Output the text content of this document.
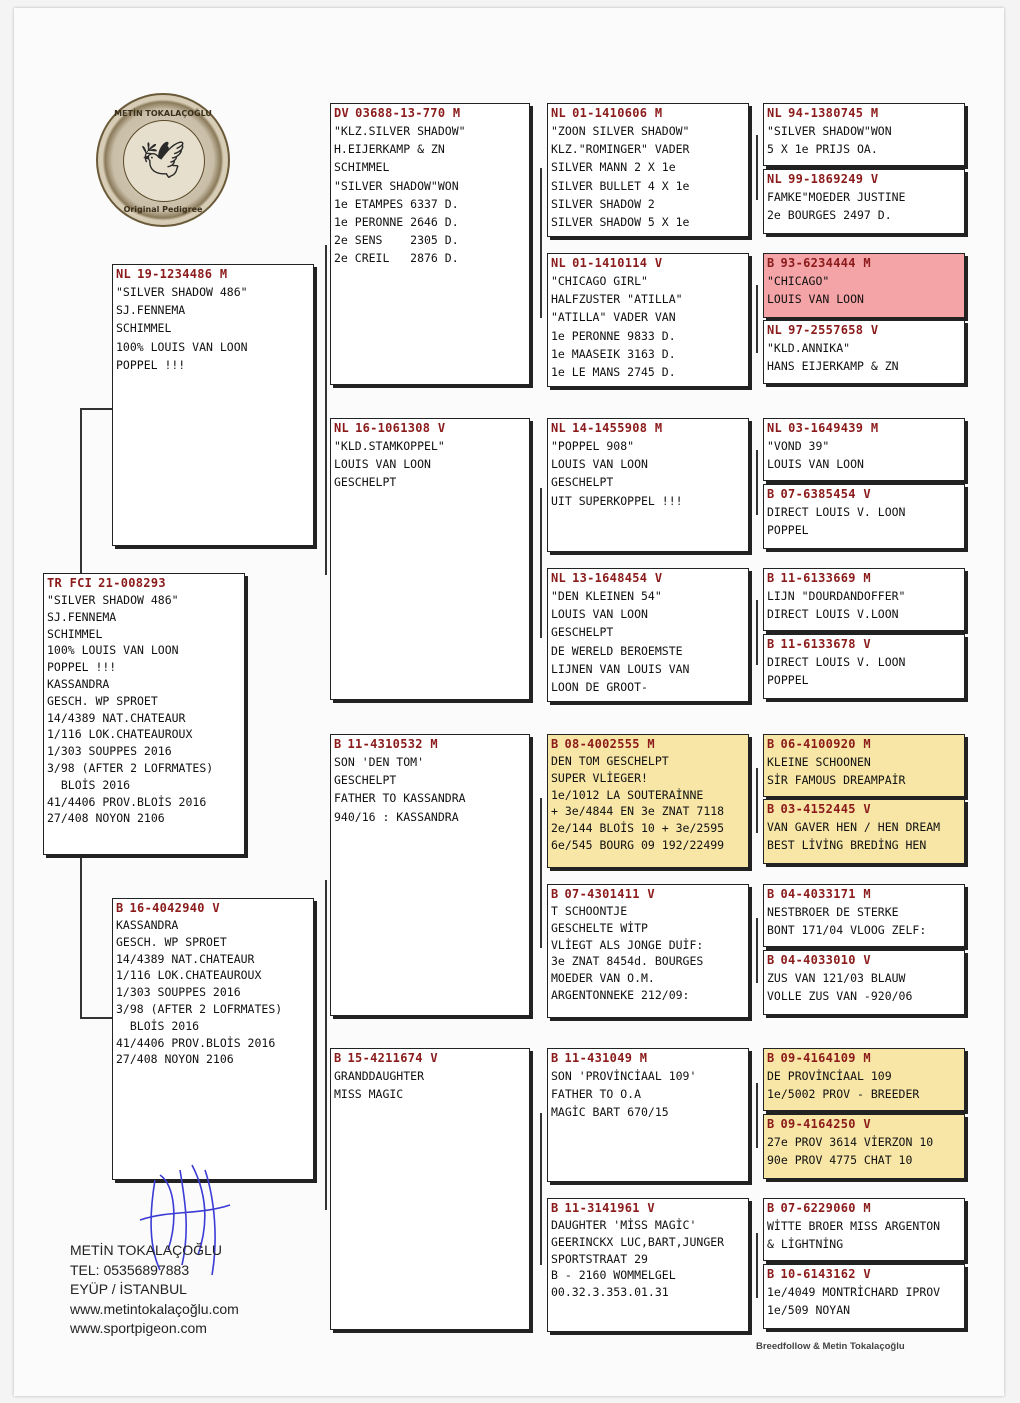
METİN TOKALAÇOĞLU
🕊
Original Pedigree
TR FCI 21-008293
"SILVER SHADOW 486"
SJ.FENNEMA
SCHIMMEL
100% LOUIS VAN LOON
POPPEL !!!
KASSANDRA
GESCH. WP SPROET
14/4389 NAT.CHATEAUR
1/116 LOK.CHATEAUROUX
1/303 SOUPPES 2016
3/98 (AFTER 2 LOFRMATES)
BLOİS 2016
41/4406 PROV.BLOİS 2016
27/408 NOYON 2106
NL 19-1234486 M
"SILVER SHADOW 486"
SJ.FENNEMA
SCHIMMEL
100% LOUIS VAN LOON
POPPEL !!!
B 16-4042940 V
KASSANDRA
GESCH. WP SPROET
14/4389 NAT.CHATEAUR
1/116 LOK.CHATEAUROUX
1/303 SOUPPES 2016
3/98 (AFTER 2 LOFRMATES)
BLOİS 2016
41/4406 PROV.BLOİS 2016
27/408 NOYON 2106
DV 03688-13-770 M
"KLZ.SILVER SHADOW"
H.EIJERKAMP & ZN
SCHIMMEL
"SILVER SHADOW"WON
1e ETAMPES 6337 D.
1e PERONNE 2646 D.
2e SENS    2305 D.
2e CREIL   2876 D.
NL 16-1061308 V
"KLD.STAMKOPPEL"
LOUIS VAN LOON
GESCHELPT
B 11-4310532 M
SON 'DEN TOM'
GESCHELPT
FATHER TO KASSANDRA
940/16 : KASSANDRA
B 15-4211674 V
GRANDDAUGHTER
MISS MAGIC
NL 01-1410606 M
"ZOON SILVER SHADOW"
KLZ."ROMINGER" VADER
SILVER MANN 2 X 1e
SILVER BULLET 4 X 1e
SILVER SHADOW 2
SILVER SHADOW 5 X 1e
NL 01-1410114 V
"CHICAGO GIRL"
HALFZUSTER "ATILLA"
"ATILLA" VADER VAN
1e PERONNE 9833 D.
1e MAASEIK 3163 D.
1e LE MANS 2745 D.
NL 14-1455908 M
"POPPEL 908"
LOUIS VAN LOON
GESCHELPT
UIT SUPERKOPPEL !!!
NL 13-1648454 V
"DEN KLEINEN 54"
LOUIS VAN LOON
GESCHELPT
DE WERELD BEROEMSTE
LIJNEN VAN LOUIS VAN
LOON DE GROOT-
B 08-4002555 M
DEN TOM GESCHELPT
SUPER VLİEGER!
1e/1012 LA SOUTERAİNNE
+ 3e/4844 EN 3e ZNAT 7118
2e/144 BLOİS 10 + 3e/2595
6e/545 BOURG 09 192/22499
B 07-4301411 V
T SCHOONTJE
GESCHELTE WİTP
VLİEGT ALS JONGE DUİF:
3e ZNAT 8454d. BOURGES
MOEDER VAN O.M.
ARGENTONNEKE 212/09:
B 11-431049 M
SON 'PROVİNCİAAL 109'
FATHER TO O.A
MAGİC BART 670/15
B 11-3141961 V
DAUGHTER 'MİSS MAGİC'
GEERINCKX LUC,BART,JUNGER
SPORTSTRAAT 29
B - 2160 WOMMELGEL
00.32.3.353.01.31
NL 94-1380745 M
"SILVER SHADOW"WON
5 X 1e PRIJS OA.
NL 99-1869249 V
FAMKE"MOEDER JUSTINE
2e BOURGES 2497 D.
B 93-6234444 M
"CHICAGO"
LOUIS VAN LOON
NL 97-2557658 V
"KLD.ANNIKA"
HANS EIJERKAMP & ZN
NL 03-1649439 M
"VOND 39"
LOUIS VAN LOON
B 07-6385454 V
DIRECT LOUIS V. LOON
POPPEL
B 11-6133669 M
LIJN "DOURDANDOFFER"
DIRECT LOUIS V.LOON
B 11-6133678 V
DIRECT LOUIS V. LOON
POPPEL
B 06-4100920 M
KLEINE SCHOONEN
SİR FAMOUS DREAMPAİR
B 03-4152445 V
VAN GAVER HEN / HEN DREAM
BEST LİVİNG BREDİNG HEN
B 04-4033171 M
NESTBROER DE STERKE
BONT 171/04 VLOOG ZELF:
B 04-4033010 V
ZUS VAN 121/03 BLAUW
VOLLE ZUS VAN -920/06
B 09-4164109 M
DE PROVİNCİAAL 109
1e/5002 PROV - BREEDER
B 09-4164250 V
27e PROV 3614 VİERZON 10
90e PROV 4775 CHAT 10
B 07-6229060 M
WİTTE BROER MISS ARGENTON
& LİGHTNİNG
B 10-6143162 V
1e/4049 MONTRİCHARD IPROV
1e/509 NOYAN
METİN TOKALAÇOĞLU
TEL: 05356897883
EYÜP / İSTANBUL
www.metintokalaçoğlu.com
www.sportpigeon.com
Breedfollow & Metin Tokalaçoğlu
